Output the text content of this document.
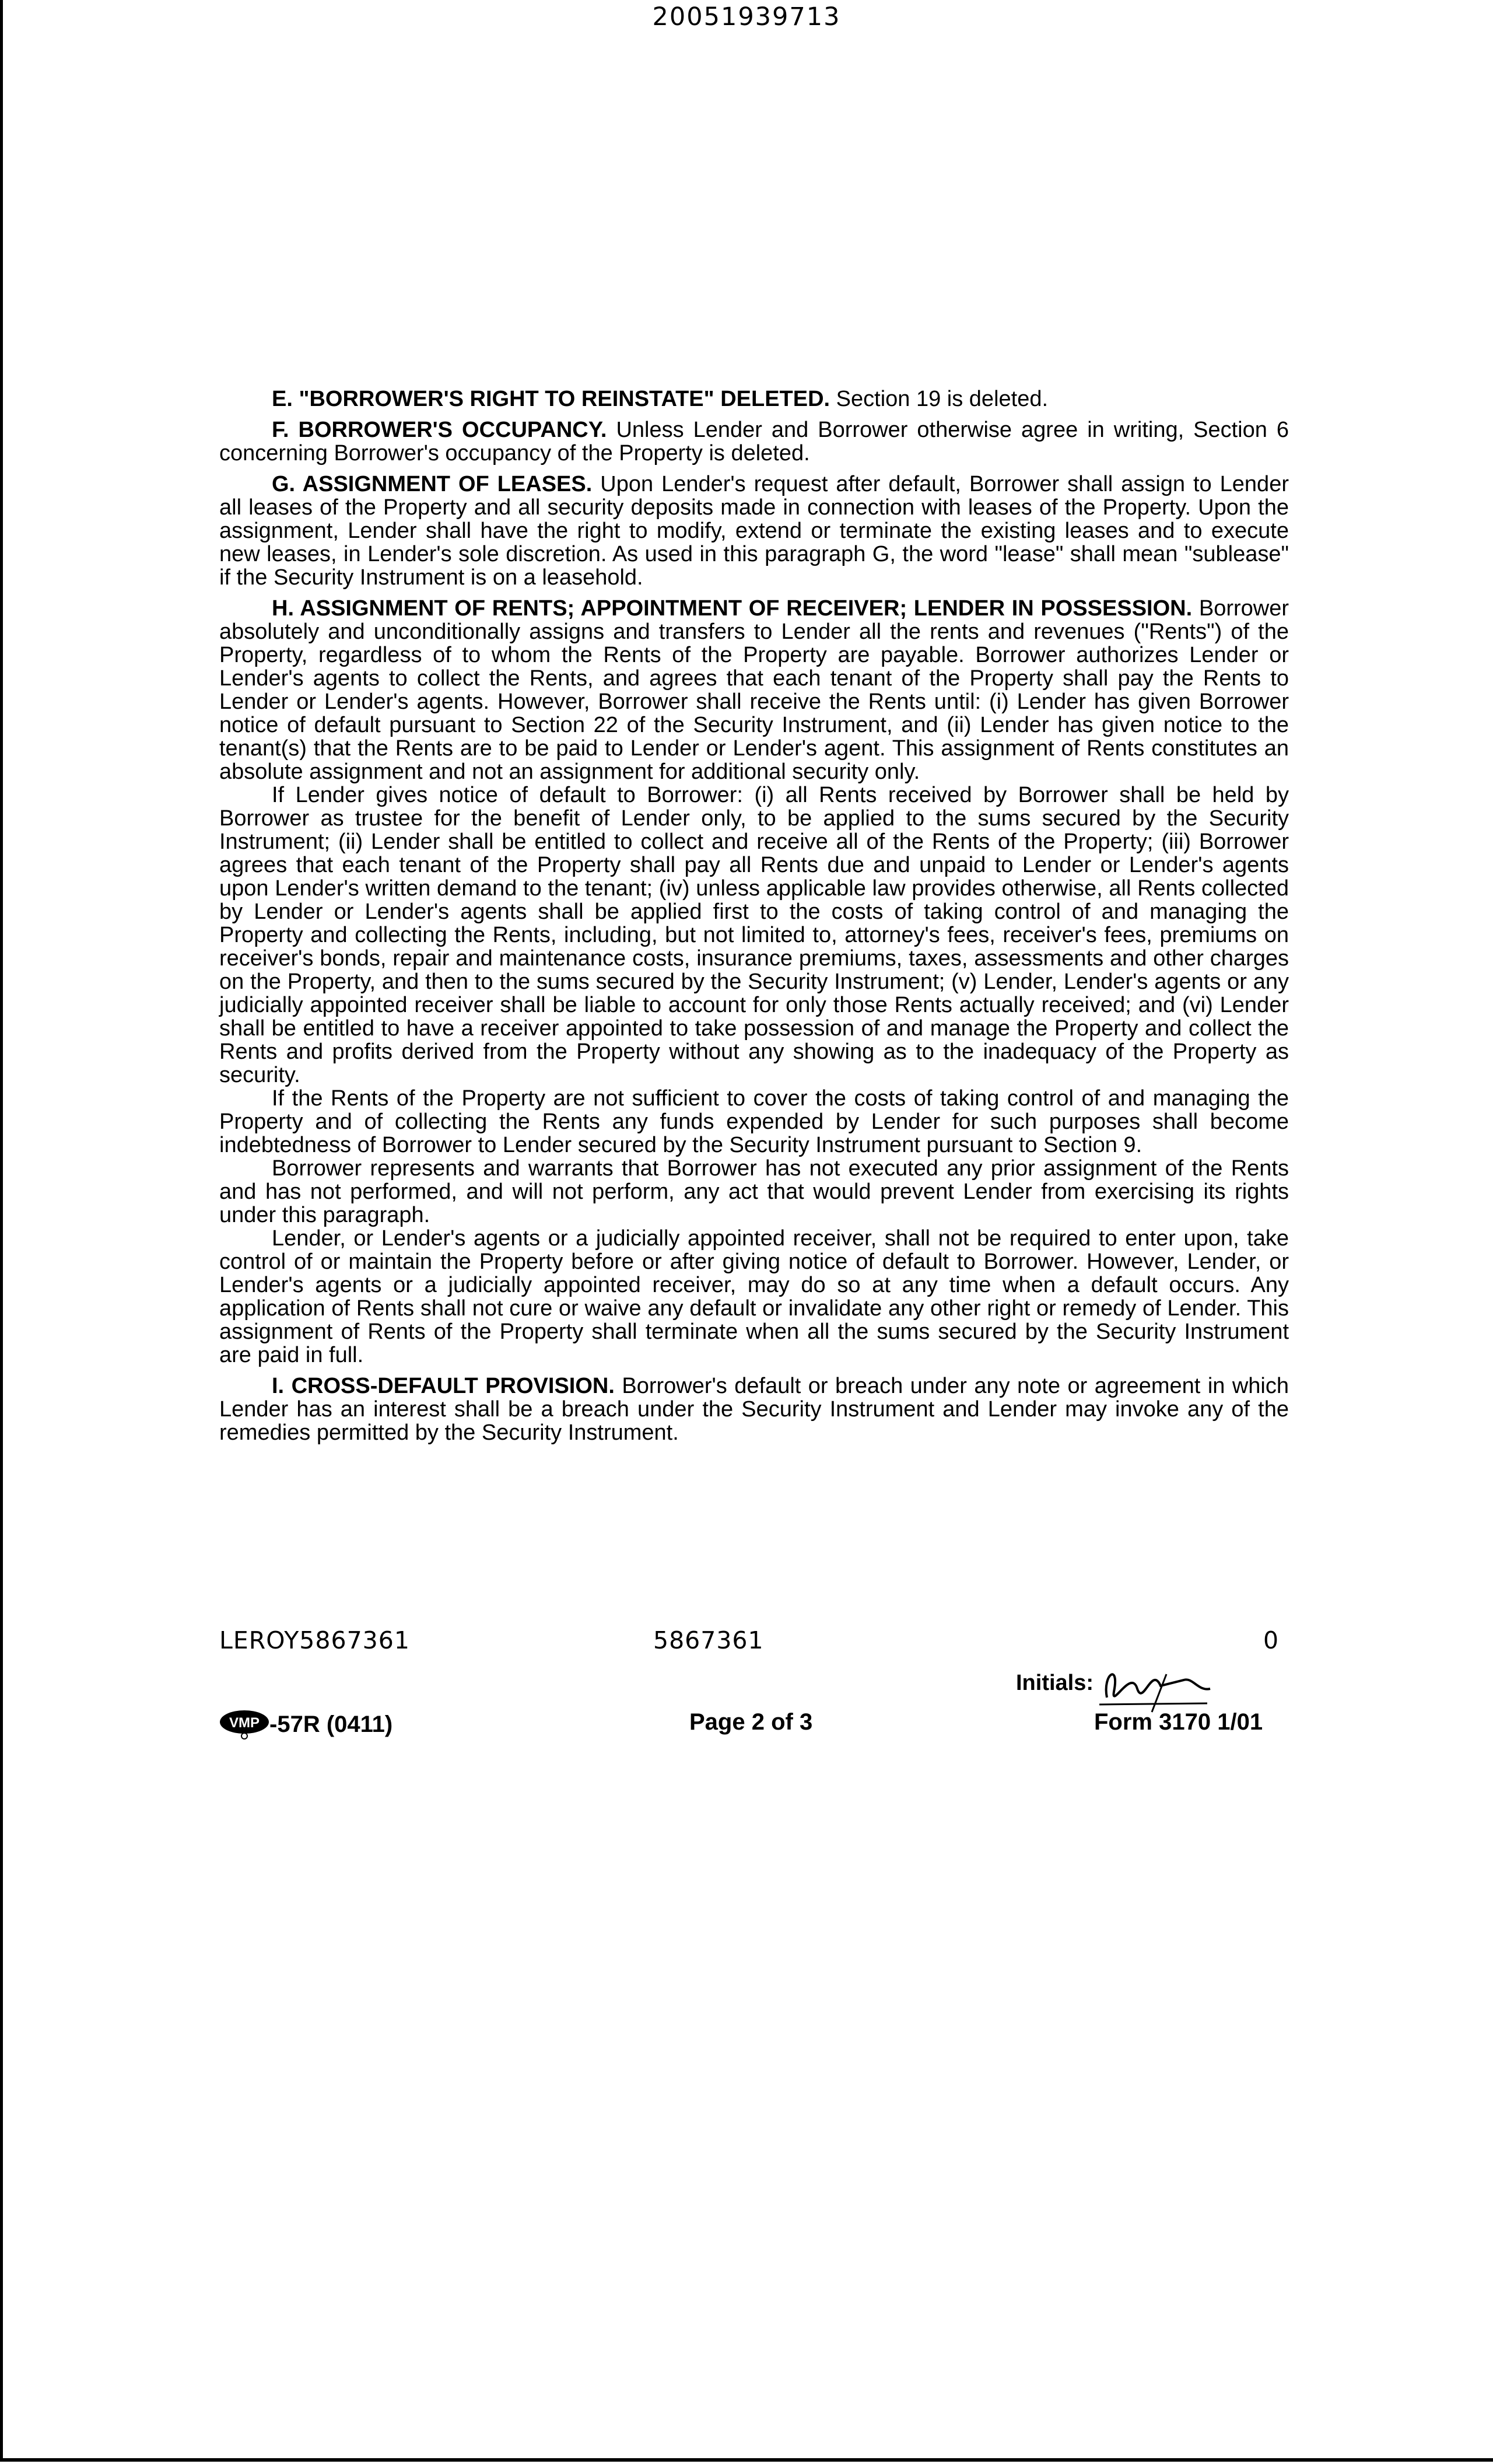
20051939713

E. "BORROWER'S RIGHT TO REINSTATE" DELETED. Section 19 is deleted.

F. BORROWER'S OCCUPANCY. Unless Lender and Borrower otherwise agree in writing, Section 6 concerning Borrower's occupancy of the Property is deleted.

G. ASSIGNMENT OF LEASES. Upon Lender's request after default, Borrower shall assign to Lender all leases of the Property and all security deposits made in connection with leases of the Property. Upon the assignment, Lender shall have the right to modify, extend or terminate the existing leases and to execute new leases, in Lender's sole discretion. As used in this paragraph G, the word "lease" shall mean "sublease" if the Security Instrument is on a leasehold.

H. ASSIGNMENT OF RENTS; APPOINTMENT OF RECEIVER; LENDER IN POSSESSION. Borrower absolutely and unconditionally assigns and transfers to Lender all the rents and revenues ("Rents") of the Property, regardless of to whom the Rents of the Property are payable. Borrower authorizes Lender or Lender's agents to collect the Rents, and agrees that each tenant of the Property shall pay the Rents to Lender or Lender's agents. However, Borrower shall receive the Rents until: (i) Lender has given Borrower notice of default pursuant to Section 22 of the Security Instrument, and (ii) Lender has given notice to the tenant(s) that the Rents are to be paid to Lender or Lender's agent. This assignment of Rents constitutes an absolute assignment and not an assignment for additional security only.

If Lender gives notice of default to Borrower: (i) all Rents received by Borrower shall be held by Borrower as trustee for the benefit of Lender only, to be applied to the sums secured by the Security Instrument; (ii) Lender shall be entitled to collect and receive all of the Rents of the Property; (iii) Borrower agrees that each tenant of the Property shall pay all Rents due and unpaid to Lender or Lender's agents upon Lender's written demand to the tenant; (iv) unless applicable law provides otherwise, all Rents collected by Lender or Lender's agents shall be applied first to the costs of taking control of and managing the Property and collecting the Rents, including, but not limited to, attorney's fees, receiver's fees, premiums on receiver's bonds, repair and maintenance costs, insurance premiums, taxes, assessments and other charges on the Property, and then to the sums secured by the Security Instrument; (v) Lender, Lender's agents or any judicially appointed receiver shall be liable to account for only those Rents actually received; and (vi) Lender shall be entitled to have a receiver appointed to take possession of and manage the Property and collect the Rents and profits derived from the Property without any showing as to the inadequacy of the Property as security.

If the Rents of the Property are not sufficient to cover the costs of taking control of and managing the Property and of collecting the Rents any funds expended by Lender for such purposes shall become indebtedness of Borrower to Lender secured by the Security Instrument pursuant to Section 9.

Borrower represents and warrants that Borrower has not executed any prior assignment of the Rents and has not performed, and will not perform, any act that would prevent Lender from exercising its rights under this paragraph.

Lender, or Lender's agents or a judicially appointed receiver, shall not be required to enter upon, take control of or maintain the Property before or after giving notice of default to Borrower. However, Lender, or Lender's agents or a judicially appointed receiver, may do so at any time when a default occurs. Any application of Rents shall not cure or waive any default or invalidate any other right or remedy of Lender. This assignment of Rents of the Property shall terminate when all the sums secured by the Security Instrument are paid in full.

I. CROSS-DEFAULT PROVISION. Borrower's default or breach under any note or agreement in which Lender has an interest shall be a breach under the Security Instrument and Lender may invoke any of the remedies permitted by the Security Instrument.

LEROY5867361	5867361	0
Initials:
Form 3170 1/01
VMP -57R (0411)	Page 2 of 3
